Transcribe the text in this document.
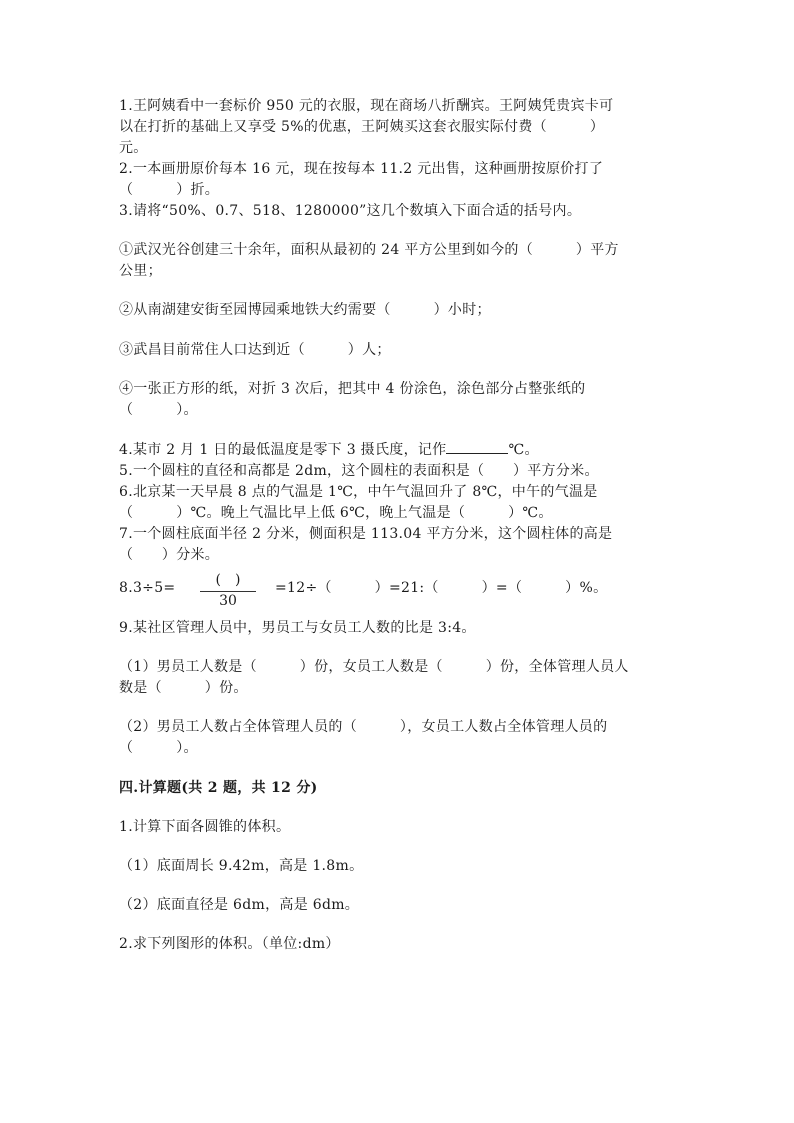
1.王阿姨看中一套标价 950 元的衣服，现在商场八折酬宾。王阿姨凭贵宾卡可
以在打折的基础上又享受 5%的优惠，王阿姨买这套衣服实际付费（　　　）
元。
2.一本画册原价每本 16 元，现在按每本 11.2 元出售，这种画册按原价打了
（　　　）折。
3.请将“50%、0.7、518、1280000”这几个数填入下面合适的括号内。
①武汉光谷创建三十余年，面积从最初的 24 平方公里到如今的（　　　）平方
公里；
②从南湖建安街至园博园乘地铁大约需要（　　　）小时；
③武昌目前常住人口达到近（　　　）人；
④一张正方形的纸，对折 3 次后，把其中 4 份涂色，涂色部分占整张纸的
（　　　）。
4.某市 2 月 1 日的最低温度是零下 3 摄氏度，记作	℃。
5.一个圆柱的直径和高都是 2dm，这个圆柱的表面积是（　　）平方分米。
6.北京某一天早晨 8 点的气温是 1℃，中午气温回升了 8℃，中午的气温是
（　　　）℃。晚上气温比早上低 6℃，晚上气温是（　　　）℃。
7.一个圆柱底面半径 2 分米，侧面积是 113.04 平方分米，这个圆柱体的高是
（　　）分米。
8.3÷5=	(　)
30
=12÷（　　　）=21:（　　　）=（　　　）%。
9.某社区管理人员中，男员工与女员工人数的比是 3:4。
（1）男员工人数是（　　　）份，女员工人数是（　　　）份，全体管理人员人
数是（　　　）份。
（2）男员工人数占全体管理人员的（　　　），女员工人数占全体管理人员的
（　　　）。
四.计算题(共 2 题，共 12 分)
1.计算下面各圆锥的体积。
（1）底面周长 9.42m，高是 1.8m。
（2）底面直径是 6dm，高是 6dm。
2.求下列图形的体积。（单位:dm）
